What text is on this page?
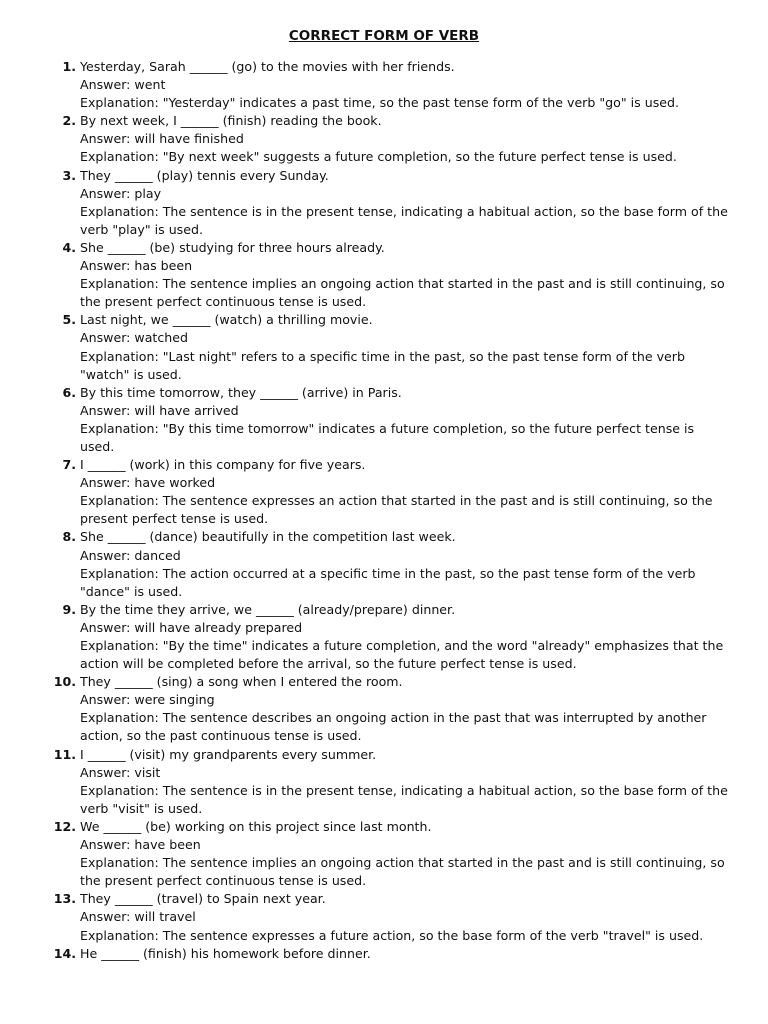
CORRECT FORM OF VERB
1. Yesterday, Sarah ______ (go) to the movies with her friends.
Answer: went
Explanation: "Yesterday" indicates a past time, so the past tense form of the verb "go" is used.
2. By next week, I ______ (finish) reading the book.
Answer: will have finished
Explanation: "By next week" suggests a future completion, so the future perfect tense is used.
3. They ______ (play) tennis every Sunday.
Answer: play
Explanation: The sentence is in the present tense, indicating a habitual action, so the base form of the verb "play" is used.
4. She ______ (be) studying for three hours already.
Answer: has been
Explanation: The sentence implies an ongoing action that started in the past and is still continuing, so the present perfect continuous tense is used.
5. Last night, we ______ (watch) a thrilling movie.
Answer: watched
Explanation: "Last night" refers to a specific time in the past, so the past tense form of the verb "watch" is used.
6. By this time tomorrow, they ______ (arrive) in Paris.
Answer: will have arrived
Explanation: "By this time tomorrow" indicates a future completion, so the future perfect tense is used.
7. I ______ (work) in this company for five years.
Answer: have worked
Explanation: The sentence expresses an action that started in the past and is still continuing, so the present perfect tense is used.
8. She ______ (dance) beautifully in the competition last week.
Answer: danced
Explanation: The action occurred at a specific time in the past, so the past tense form of the verb "dance" is used.
9. By the time they arrive, we ______ (already/prepare) dinner.
Answer: will have already prepared
Explanation: "By the time" indicates a future completion, and the word "already" emphasizes that the action will be completed before the arrival, so the future perfect tense is used.
10. They ______ (sing) a song when I entered the room.
Answer: were singing
Explanation: The sentence describes an ongoing action in the past that was interrupted by another action, so the past continuous tense is used.
11. I ______ (visit) my grandparents every summer.
Answer: visit
Explanation: The sentence is in the present tense, indicating a habitual action, so the base form of the verb "visit" is used.
12. We ______ (be) working on this project since last month.
Answer: have been
Explanation: The sentence implies an ongoing action that started in the past and is still continuing, so the present perfect continuous tense is used.
13. They ______ (travel) to Spain next year.
Answer: will travel
Explanation: The sentence expresses a future action, so the base form of the verb "travel" is used.
14. He ______ (finish) his homework before dinner.
